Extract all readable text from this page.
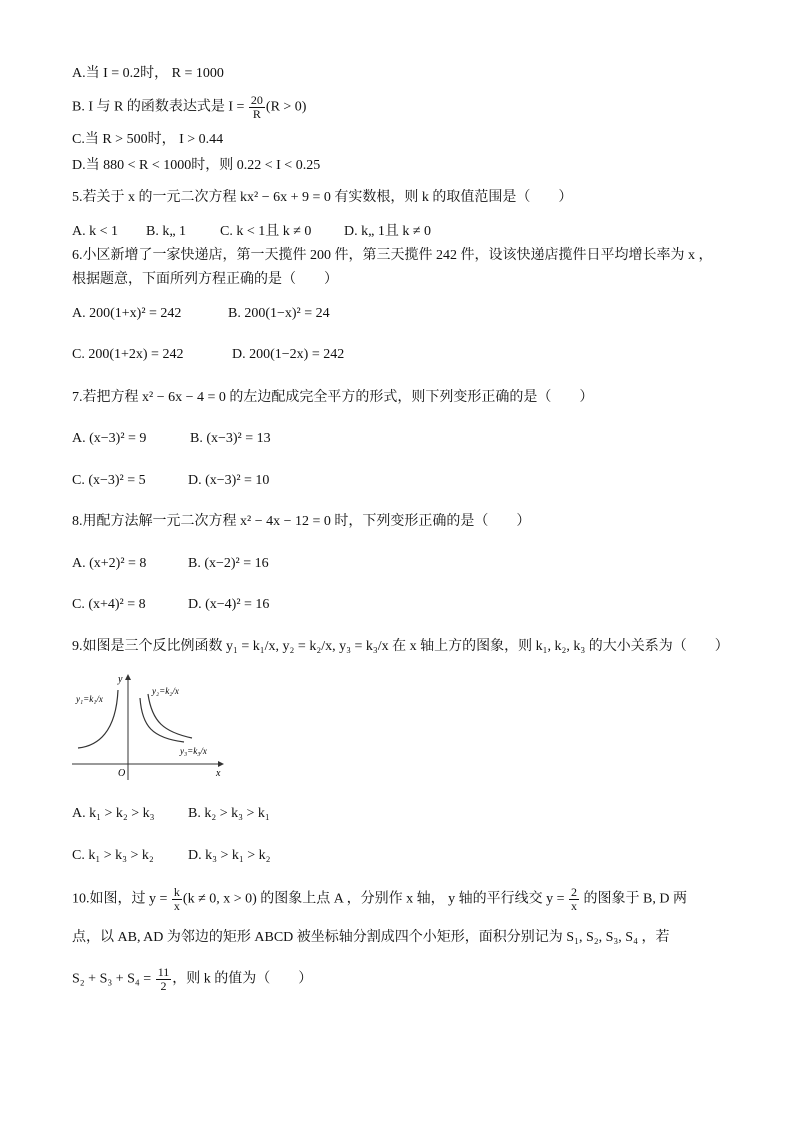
A.当 I = 0.2时， R = 1000
B. I 与 R 的函数表达式是 $I = \frac{20}{R} (R > 0)$
C.当 R > 500时， I > 0.44
D.当 880 < R < 1000时，则 0.22 < I < 0.25
5.若关于 x 的一元二次方程 kx² − 6x + 9 = 0 有实数根，则 k 的取值范围是（　　）
A. k < 1 B. k„ 1 C. k < 1且 k ≠ 0 D. k„ 1且 k ≠ 0
6.小区新增了一家快递店，第一天揽件 200 件，第三天揽件 242 件，设该快递店揽件日平均增长率为 x ，
根据题意，下面所列方程正确的是（　　）
A. 200(1+x)² = 242	B. 200(1−x)² = 24
C. 200(1+2x) = 242	D. 200(1−2x) = 242
7.若把方程 x² − 6x − 4 = 0 的左边配成完全平方的形式，则下列变形正确的是（　　）
A. (x−3)² = 9	B. (x−3)² = 13
C. (x−3)² = 5	D. (x−3)² = 10
8.用配方法解一元二次方程 x² − 4x − 12 = 0 时，下列变形正确的是（　　）
A. (x+2)² = 8	B. (x−2)² = 16
C. (x+4)² = 8	D. (x−4)² = 16
9.如图是三个反比例函数 y₁ = k₁/x, y₂ = k₂/x, y₃ = k₃/x 在 x 轴上方的图象，则 k₁, k₂, k₃ 的大小关系为（　　）
y₁=k₁/x
y₂=k₂/x
y₃=k₃/x
O	x
y
A. k₁ > k₂ > k₃ B. k₂ > k₃ > k₁
C. k₁ > k₃ > k₂ D. k₃ > k₁ > k₂
10.如图，过 $y = \frac{k}{x} (k \ne 0$, x > 0) 的图象上点 A ，分别作 x 轴， y 轴的平行线交 $y = \frac{2}{x}$ 的图象于 B, D 两
点，以 AB, AD 为邻边的矩形 ABCD 被坐标轴分割成四个小矩形，面积分别记为 S₁, S₂, S₃, S₄ ，若
$S_2 + S_3 + S_4 = \frac{11}{2}$ ，则 k 的值为（　　）
